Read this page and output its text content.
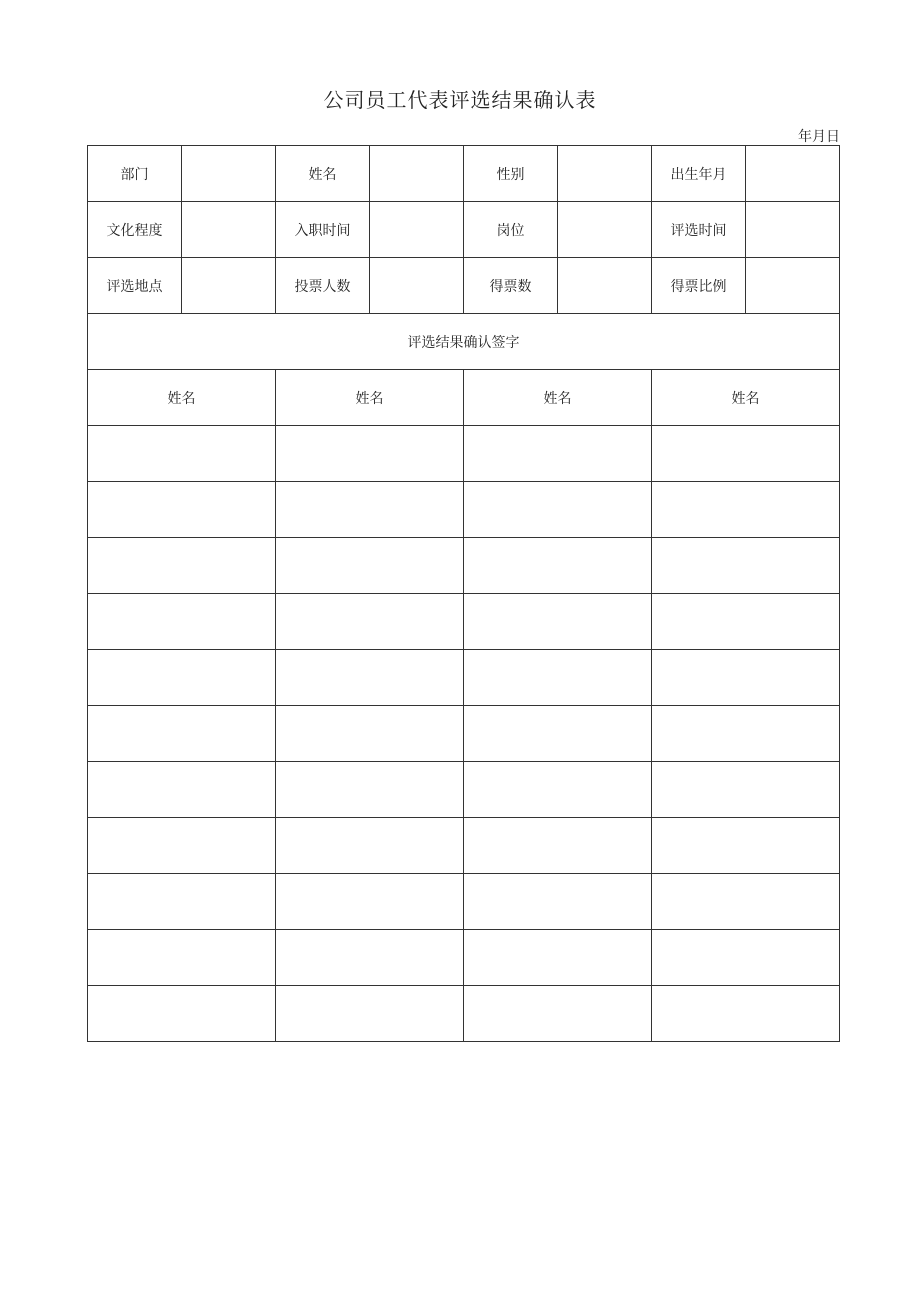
公司员工代表评选结果确认表
年月日
部门		姓名		性别		出生年月	
文化程度		入职时间		岗位		评选时间	
评选地点		投票人数		得票数		得票比例	
评选结果确认签字							
姓名		姓名		姓名		姓名	
